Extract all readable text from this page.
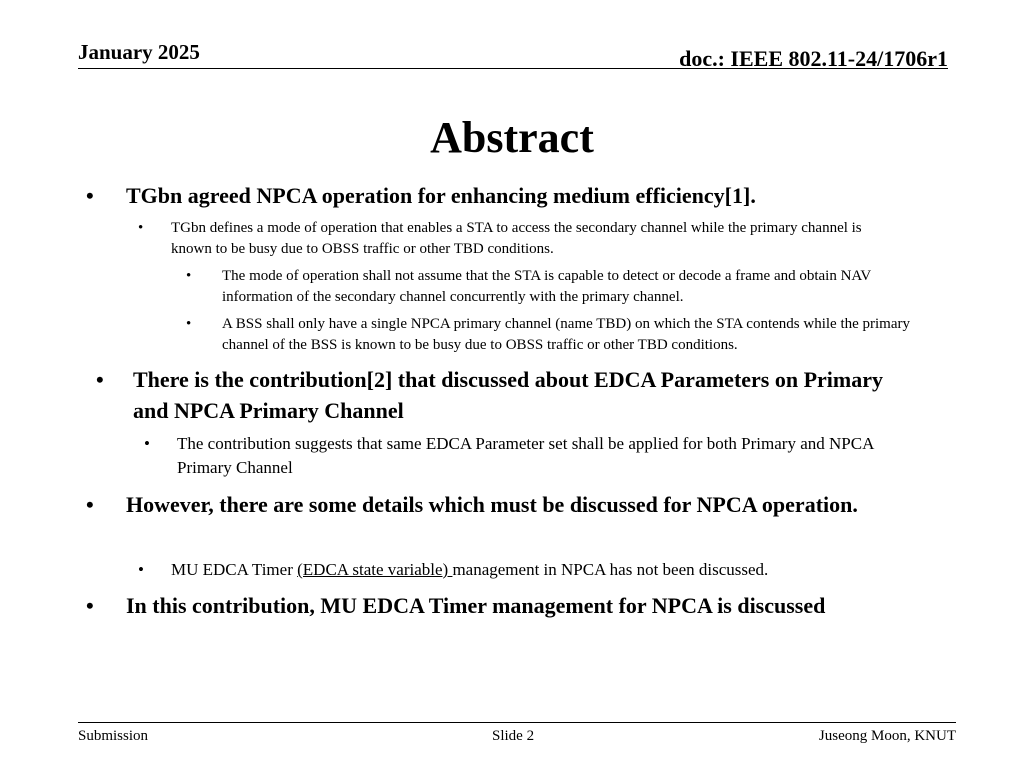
January 2025	doc.: IEEE 802.11-24/1706r1
Abstract
•	TGbn agreed NPCA operation for enhancing medium efficiency[1].
•	TGbn defines a mode of operation that enables a STA to access the secondary channel while the primary channel is known to be busy due to OBSS traffic or other TBD conditions.
•	The mode of operation shall not assume that the STA is capable to detect or decode a frame and obtain NAV information of the secondary channel concurrently with the primary channel.
•	A BSS shall only have a single NPCA primary channel (name TBD) on which the STA contends while the primary channel of the BSS is known to be busy due to OBSS traffic or other TBD conditions.
•	There is the contribution[2] that discussed about EDCA Parameters on Primary and NPCA Primary Channel
•	The contribution suggests that same EDCA Parameter set shall be applied for both Primary and NPCA Primary Channel
•	However, there are some details which must be discussed for NPCA operation.
•	MU EDCA Timer (EDCA state variable) management in NPCA has not been discussed.
•	In this contribution, MU EDCA Timer management for NPCA is discussed
Submission	Slide 2	Juseong Moon, KNUT
